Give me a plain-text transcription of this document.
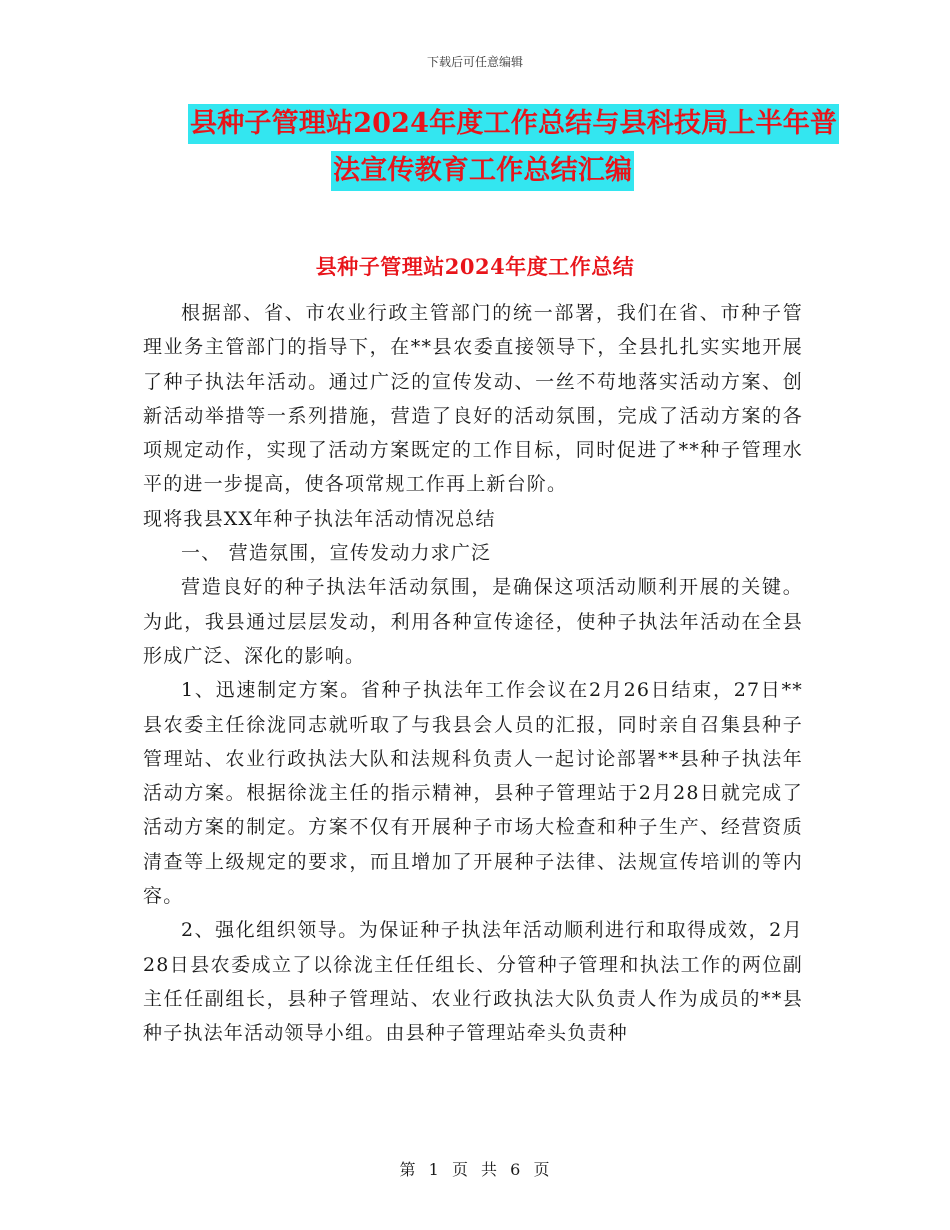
下载后可任意编辑
县种子管理站2024年度工作总结与县科技局上半年普
法宣传教育工作总结汇编
县种子管理站2024年度工作总结

根据部、省、市农业行政主管部门的统一部署，我们在省、市种子管理业务主管部门的指导下，在**县农委直接领导下，全县扎扎实实地开展了种子执法年活动。通过广泛的宣传发动、一丝不苟地落实活动方案、创新活动举措等一系列措施，营造了良好的活动氛围，完成了活动方案的各项规定动作，实现了活动方案既定的工作目标，同时促进了**种子管理水平的进一步提高，使各项常规工作再上新台阶。

现将我县XX年种子执法年活动情况总结

一、 营造氛围，宣传发动力求广泛

营造良好的种子执法年活动氛围，是确保这项活动顺利开展的关键。为此，我县通过层层发动，利用各种宣传途径，使种子执法年活动在全县形成广泛、深化的影响。

1、迅速制定方案。省种子执法年工作会议在2月26日结束，27日**县农委主任徐泷同志就听取了与我县会人员的汇报，同时亲自召集县种子管理站、农业行政执法大队和法规科负责人一起讨论部署**县种子执法年活动方案。根据徐泷主任的指示精神，县种子管理站于2月28日就完成了活动方案的制定。方案不仅有开展种子市场大检查和种子生产、经营资质清查等上级规定的要求，而且增加了开展种子法律、法规宣传培训的等内容。

2、强化组织领导。为保证种子执法年活动顺利进行和取得成效，2月28日县农委成立了以徐泷主任任组长、分管种子管理和执法工作的两位副主任任副组长，县种子管理站、农业行政执法大队负责人作为成员的**县种子执法年活动领导小组。由县种子管理站牵头负责种

第 1 页 共 6 页
